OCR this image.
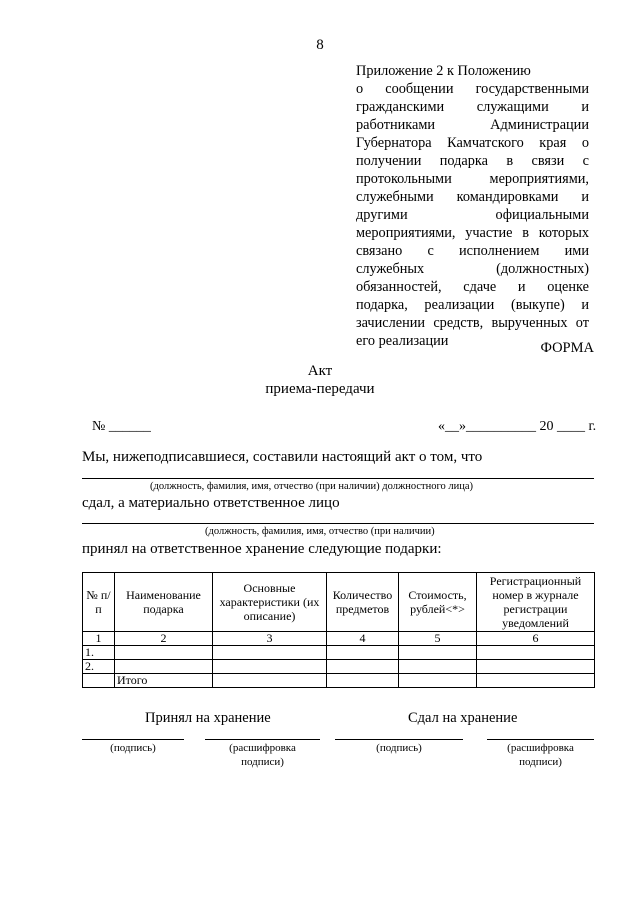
8
Приложение 2 к Положению
о сообщении государственными гражданскими служащими и работниками Администрации Губернатора Камчатского края о получении подарка в связи с протокольными мероприятиями, служебными командировками и другими официальными мероприятиями, участие в которых связано с исполнением ими служебных (должностных) обязанностей, сдаче и оценке подарка, реализации (выкупе) и зачислении средств, вырученных от его реализации	ФОРМА
Акт
приема-передачи
№ ______	«__»__________ 20 ____ г.
Мы, нижеподписавшиеся, составили настоящий акт о том, что
(должность, фамилия, имя, отчество (при наличии) должностного лица)
сдал, а материально ответственное лицо
(должность, фамилия, имя, отчество (при наличии)
принял на ответственное хранение следующие подарки:
№ п/п	Наименование подарка	Основные характеристики (их описание)	Количество предметов	Стоимость, рублей<*>	Регистрационный номер в журнале регистрации уведомлений
1	2	3	4	5	6
1.					
2.					
	Итого				
Принял на хранение	Сдал на хранение
(подпись)	(расшифровка подписи)
(подпись)	(расшифровка подписи)
